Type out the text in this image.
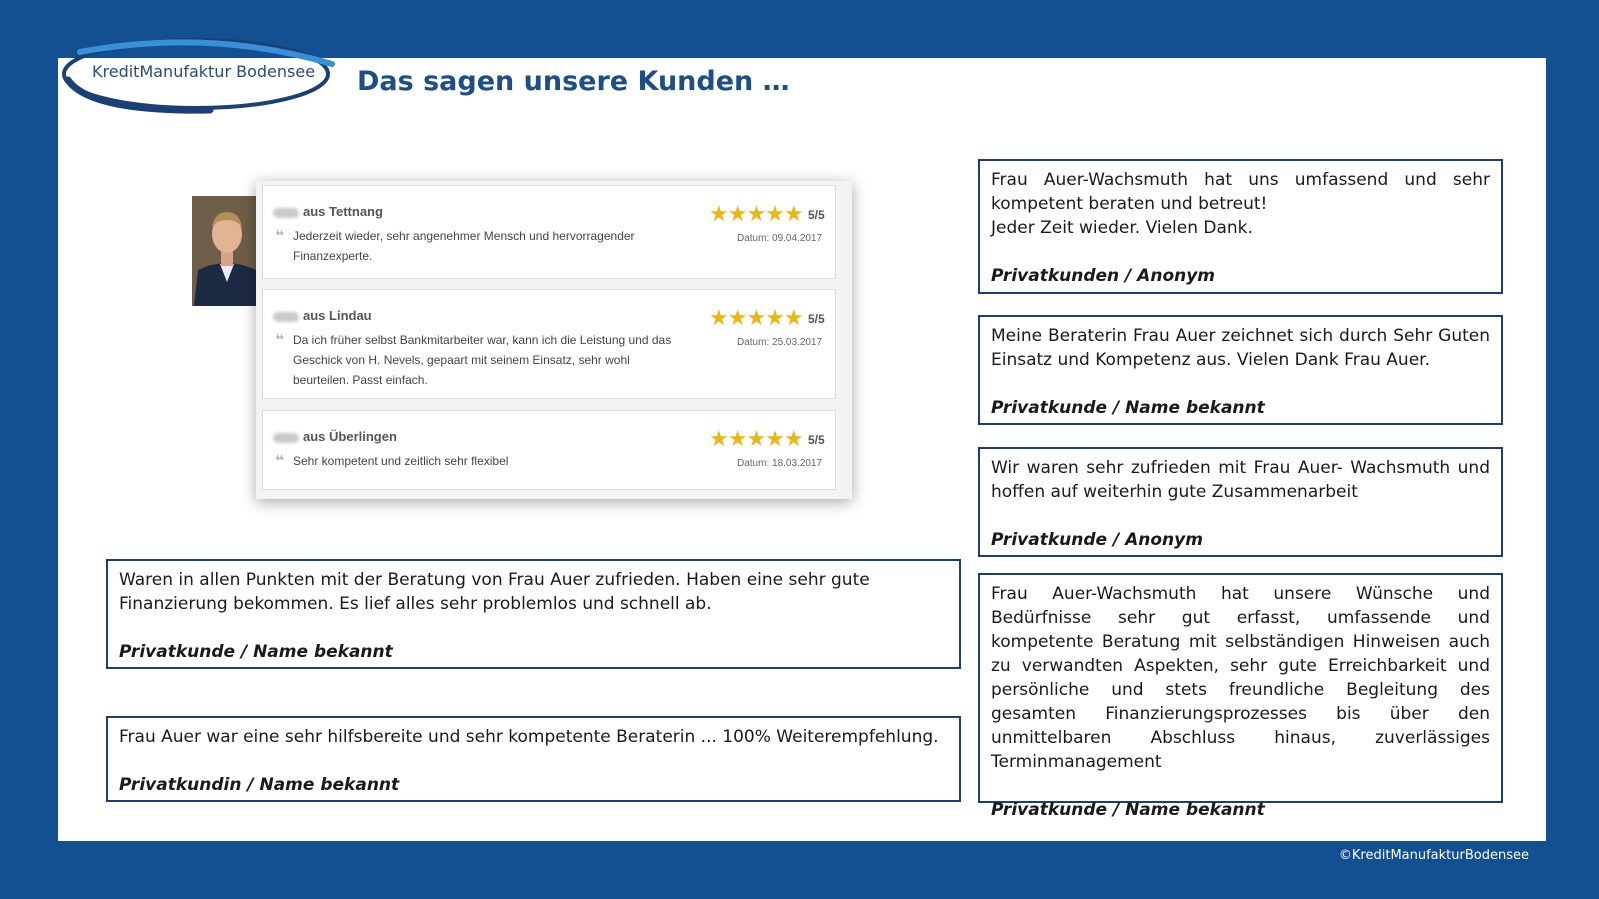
KreditManufaktur Bodensee Das sagen unsere Kunden …
aus Tettnang
❝ Jederzeit wieder, sehr angenehmer Mensch und hervorragender Finanzexperte.
★★★★★ 5/5
Datum: 09.04.2017
aus Lindau
❝ Da ich früher selbst Bankmitarbeiter war, kann ich die Leistung und das Geschick von H. Nevels, gepaart mit seinem Einsatz, sehr wohl beurteilen. Passt einfach.
★★★★★ 5/5
Datum: 25.03.2017
aus Überlingen
❝ Sehr kompetent und zeitlich sehr flexibel
★★★★★ 5/5
Datum: 18.03.2017

Frau Auer-Wachsmuth hat uns umfassend und sehr kompetent beraten und betreut!

Jeder Zeit wieder. Vielen Dank.

Privatkunden / Anonym

Meine Beraterin Frau Auer zeichnet sich durch Sehr Guten Einsatz und Kompetenz aus. Vielen Dank Frau Auer.

Privatkunde / Name bekannt

Wir waren sehr zufrieden mit Frau Auer- Wachsmuth und hoffen auf weiterhin gute Zusammenarbeit

Privatkunde / Anonym

Frau Auer-Wachsmuth hat unsere Wünsche und Bedürfnisse sehr gut erfasst, umfassende und kompetente Beratung mit selbständigen Hinweisen auch zu verwandten Aspekten, sehr gute Erreichbarkeit und persönliche und stets freundliche Begleitung des gesamten Finanzierungsprozesses bis über den unmittelbaren Abschluss hinaus, zuverlässiges Terminmanagement

Privatkunde / Name bekannt

Waren in allen Punkten mit der Beratung von Frau Auer zufrieden. Haben eine sehr gute Finanzierung bekommen. Es lief alles sehr problemlos und schnell ab.

Privatkunde / Name bekannt

Frau Auer war eine sehr hilfsbereite und sehr kompetente Beraterin ... 100% Weiterempfehlung.

Privatkundin / Name bekannt

©KreditManufakturBodensee
